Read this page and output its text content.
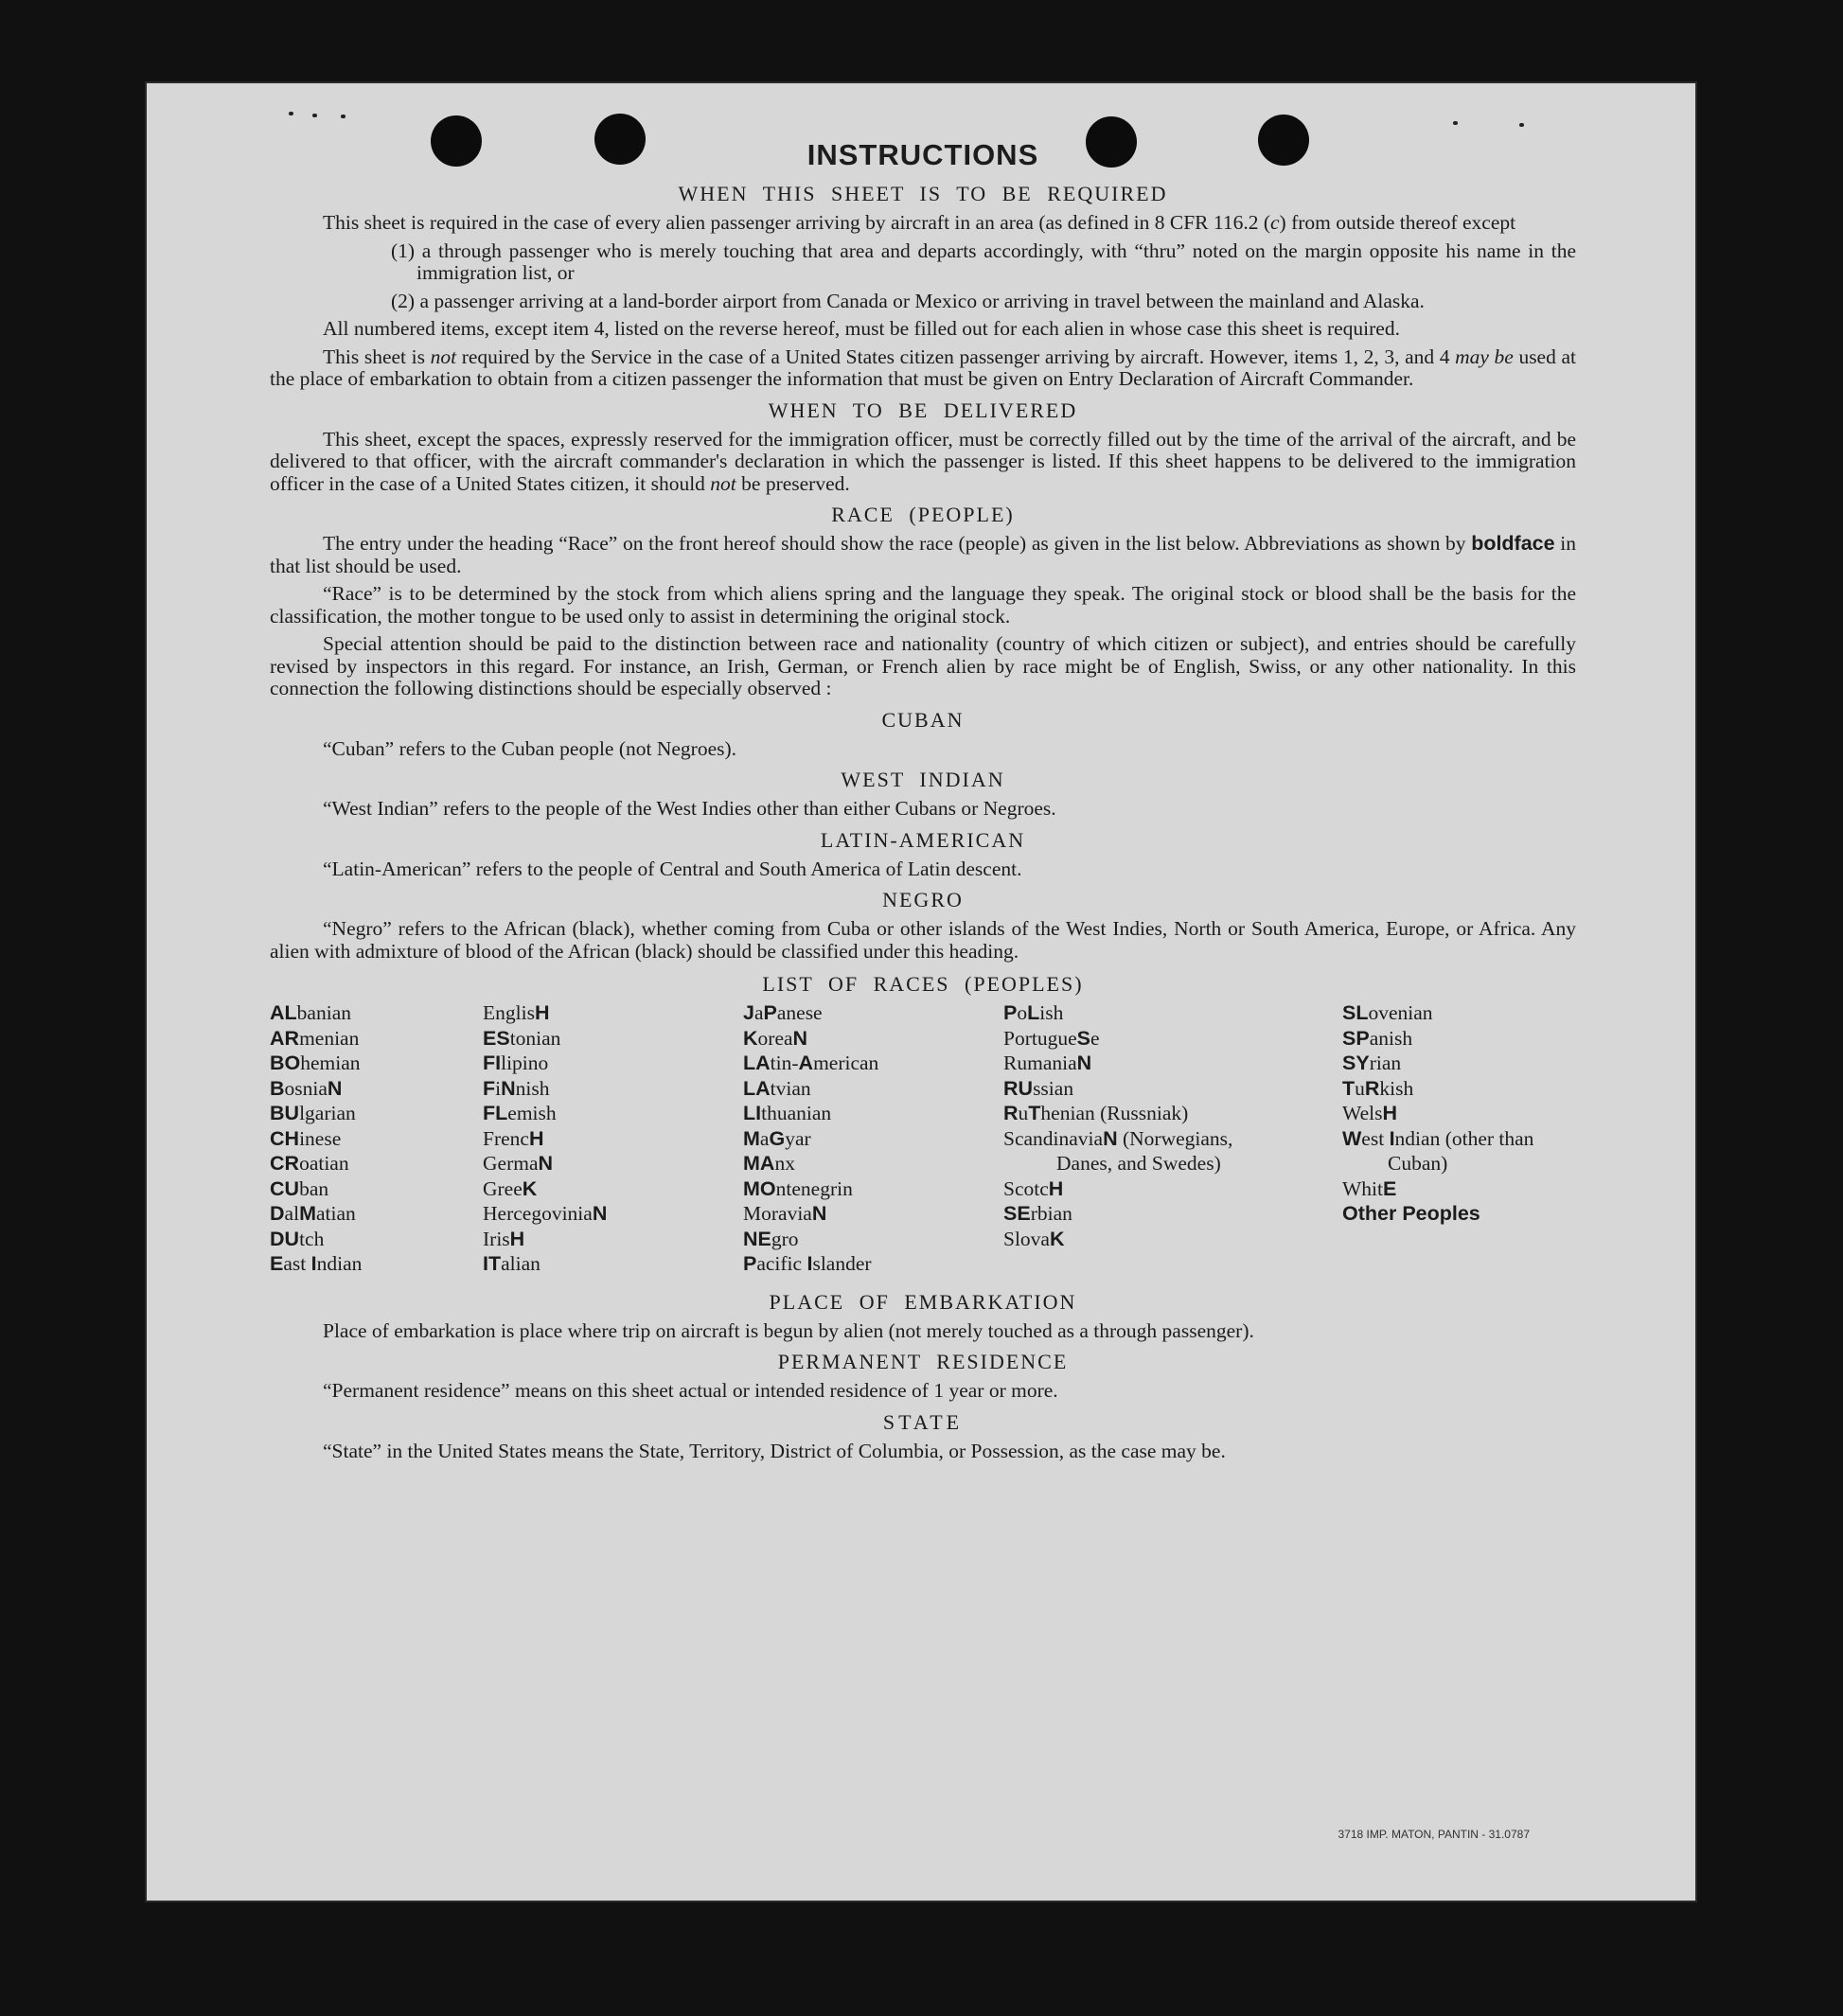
INSTRUCTIONS
WHEN THIS SHEET IS TO BE REQUIRED

This sheet is required in the case of every alien passenger arriving by aircraft in an area (as defined in 8 CFR 116.2 (c) from outside thereof except

(1) a through passenger who is merely touching that area and departs accordingly, with “thru” noted on the margin opposite his name in the immigration list, or

(2) a passenger arriving at a land-border airport from Canada or Mexico or arriving in travel between the mainland and Alaska.

All numbered items, except item 4, listed on the reverse hereof, must be filled out for each alien in whose case this sheet is required.

This sheet is not required by the Service in the case of a United States citizen passenger arriving by aircraft. However, items 1, 2, 3, and 4 may be used at the place of embarkation to obtain from a citizen passenger the information that must be given on Entry Declaration of Aircraft Commander.

WHEN TO BE DELIVERED

This sheet, except the spaces, expressly reserved for the immigration officer, must be correctly filled out by the time of the arrival of the aircraft, and be delivered to that officer, with the aircraft commander's declaration in which the passenger is listed. If this sheet happens to be delivered to the immigration officer in the case of a United States citizen, it should not be preserved.

RACE (PEOPLE)

The entry under the heading “Race” on the front hereof should show the race (people) as given in the list below. Abbreviations as shown by boldface in that list should be used.

“Race” is to be determined by the stock from which aliens spring and the language they speak. The original stock or blood shall be the basis for the classification, the mother tongue to be used only to assist in determining the original stock.

Special attention should be paid to the distinction between race and nationality (country of which citizen or subject), and entries should be carefully revised by inspectors in this regard. For instance, an Irish, German, or French alien by race might be of English, Swiss, or any other nationality. In this connection the following distinctions should be especially observed :

CUBAN

“Cuban” refers to the Cuban people (not Negroes).

WEST INDIAN

“West Indian” refers to the people of the West Indies other than either Cubans or Negroes.

LATIN-AMERICAN

“Latin-American” refers to the people of Central and South America of Latin descent.

NEGRO

“Negro” refers to the African (black), whether coming from Cuba or other islands of the West Indies, North or South America, Europe, or Africa. Any alien with admixture of blood of the African (black) should be classified under this heading.

LIST OF RACES (PEOPLES)
ALbanian
ARmenian
BOhemian
BosniaN
BUlgarian
CHinese
CRoatian
CUban
DalMatian
DUtch
East Indian
EnglisH
EStonian
FIlipino
FiNnish
FLemish
FrencH
GermaN
GreeK
HercegoviniaN
IrisH
ITalian
JaPanese
KoreaN
LAtin-American
LAtvian
LIthuanian
MaGyar
MAnx
MOntenegrin
MoraviaN
NEgro
Pacific Islander
PoLish
PortugueSe
RumaniaN
RUssian
RuThenian (Russniak)
ScandinaviaN (Norwegians, Danes, and Swedes)
ScotcH
SErbian
SlovaK
SLovenian
SPanish
SYrian
TuRkish
WelsH
West Indian (other than Cuban)
WhitE
Other Peoples
PLACE OF EMBARKATION

Place of embarkation is place where trip on aircraft is begun by alien (not merely touched as a through passenger).

PERMANENT RESIDENCE

“Permanent residence” means on this sheet actual or intended residence of 1 year or more.

STATE

“State” in the United States means the State, Territory, District of Columbia, or Possession, as the case may be.

3718 IMP. MATON, PANTIN - 31.0787
